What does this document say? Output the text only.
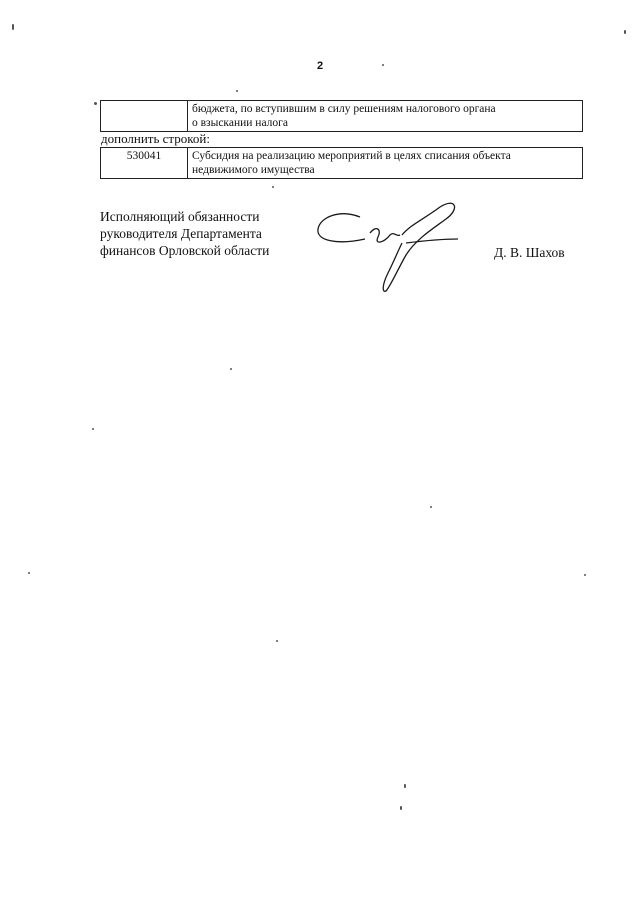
2

бюджета, по вступившим в силу решениям налогового органа
о взыскании налога
дополнить строкой:
530041	Субсидия на реализацию мероприятий в целях списания объекта
недвижимого имущества
Исполняющий обязанности
руководителя Департамента
финансов Орловской области	Д. В. Шахов
